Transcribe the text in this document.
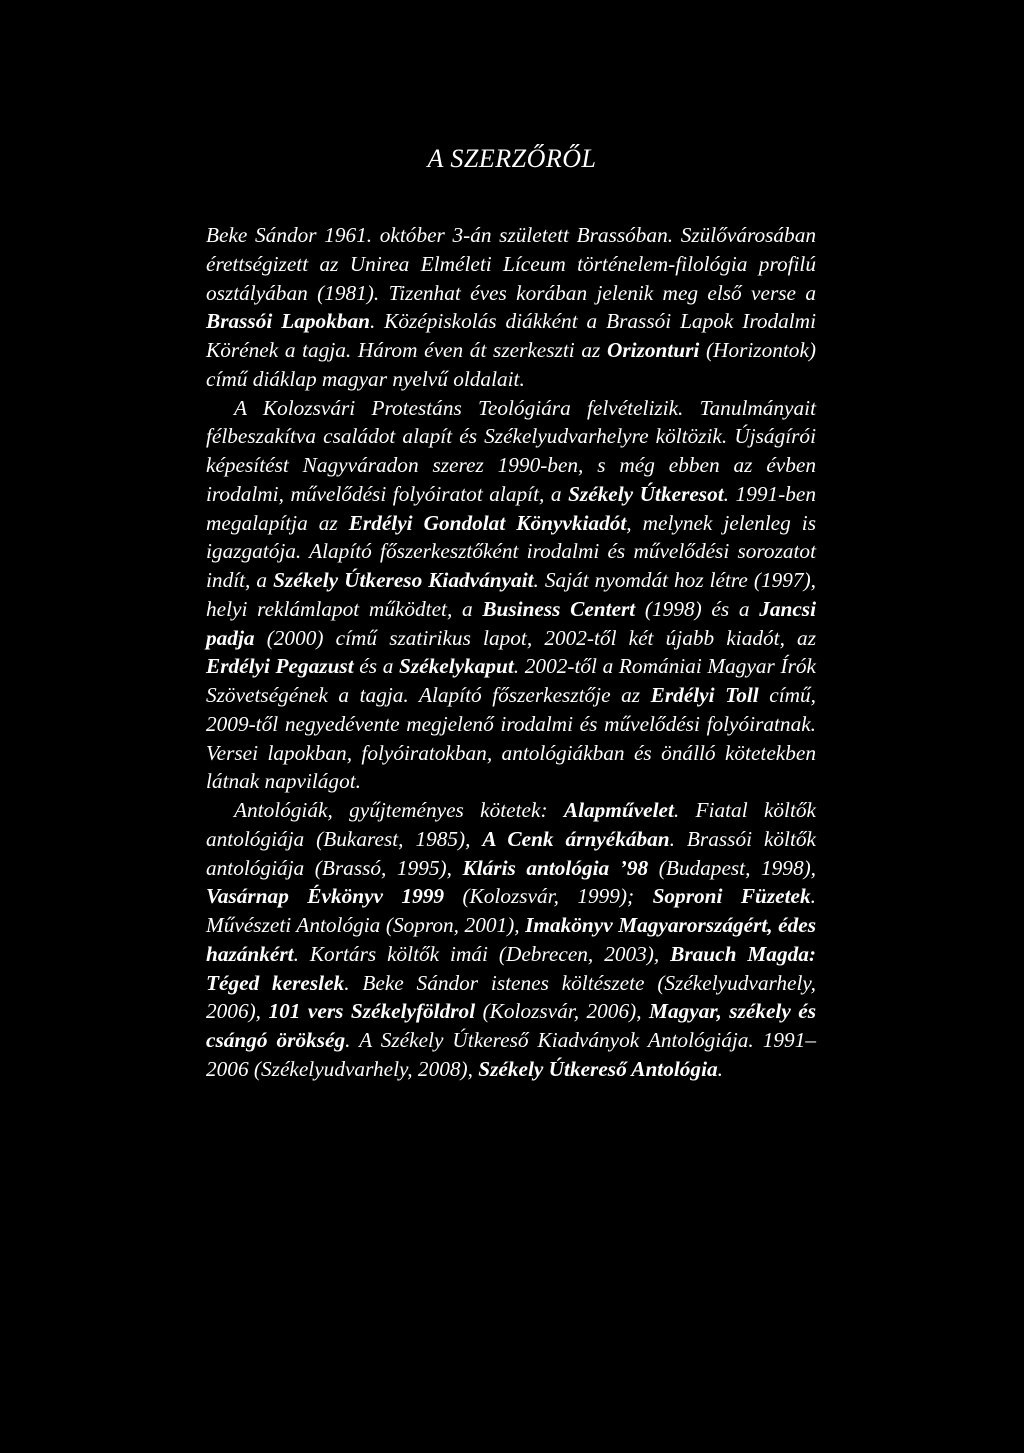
A SZERZŐRŐL

Beke Sándor 1961. október 3-án született Brassóban. Szülővárosában érettségizett az Unirea Elméleti Líceum történelem-filológia profilú osztályában (1981). Tizenhat éves korában jelenik meg első verse a Brassói Lapokban. Középiskolás diákként a Brassói Lapok Irodalmi Körének a tagja. Három éven át szerkeszti az Orizonturi (Horizontok) című diáklap magyar nyelvű oldalait.

A Kolozsvári Protestáns Teológiára felvételizik. Tanulmányait félbeszakítva családot alapít és Székelyudvarhelyre költözik. Újságírói képesítést Nagyváradon szerez 1990-ben, s még ebben az évben irodalmi, művelődési folyóiratot alapít, a Székely Útkeresot. 1991-ben megalapítja az Erdélyi Gondolat Könyvkiadót, melynek jelenleg is igazgatója. Alapító főszerkesztőként irodalmi és művelődési sorozatot indít, a Székely Útkereso Kiadványait. Saját nyomdát hoz létre (1997), helyi reklámlapot működtet, a Business Centert (1998) és a Jancsi padja (2000) című szatirikus lapot, 2002-től két újabb kiadót, az Erdélyi Pegazust és a Székelykaput. 2002-től a Romániai Magyar Írók Szövetségének a tagja. Alapító főszerkesztője az Erdélyi Toll című, 2009-től negyedévente megjelenő irodalmi és művelődési folyóiratnak. Versei lapokban, folyóiratokban, antológiákban és önálló kötetekben látnak napvilágot.

Antológiák, gyűjteményes kötetek: Alapművelet. Fiatal költők antológiája (Bukarest, 1985), A Cenk árnyékában. Brassói költők antológiája (Brassó, 1995), Kláris antológia ’98 (Budapest, 1998), Vasárnap Évkönyv 1999 (Kolozsvár, 1999); Soproni Füzetek. Művészeti Antológia (Sopron, 2001), Imakönyv Magyarországért, édes hazánkért. Kortárs költők imái (Debrecen, 2003), Brauch Magda: Téged kereslek. Beke Sándor istenes költészete (Székelyudvarhely, 2006), 101 vers Székelyföldrol (Kolozsvár, 2006), Magyar, székely és csángó örökség. A Székely Útkereső Kiadványok Antológiája. 1991–2006 (Székelyudvarhely, 2008), Székely Útkereső Antológia.
